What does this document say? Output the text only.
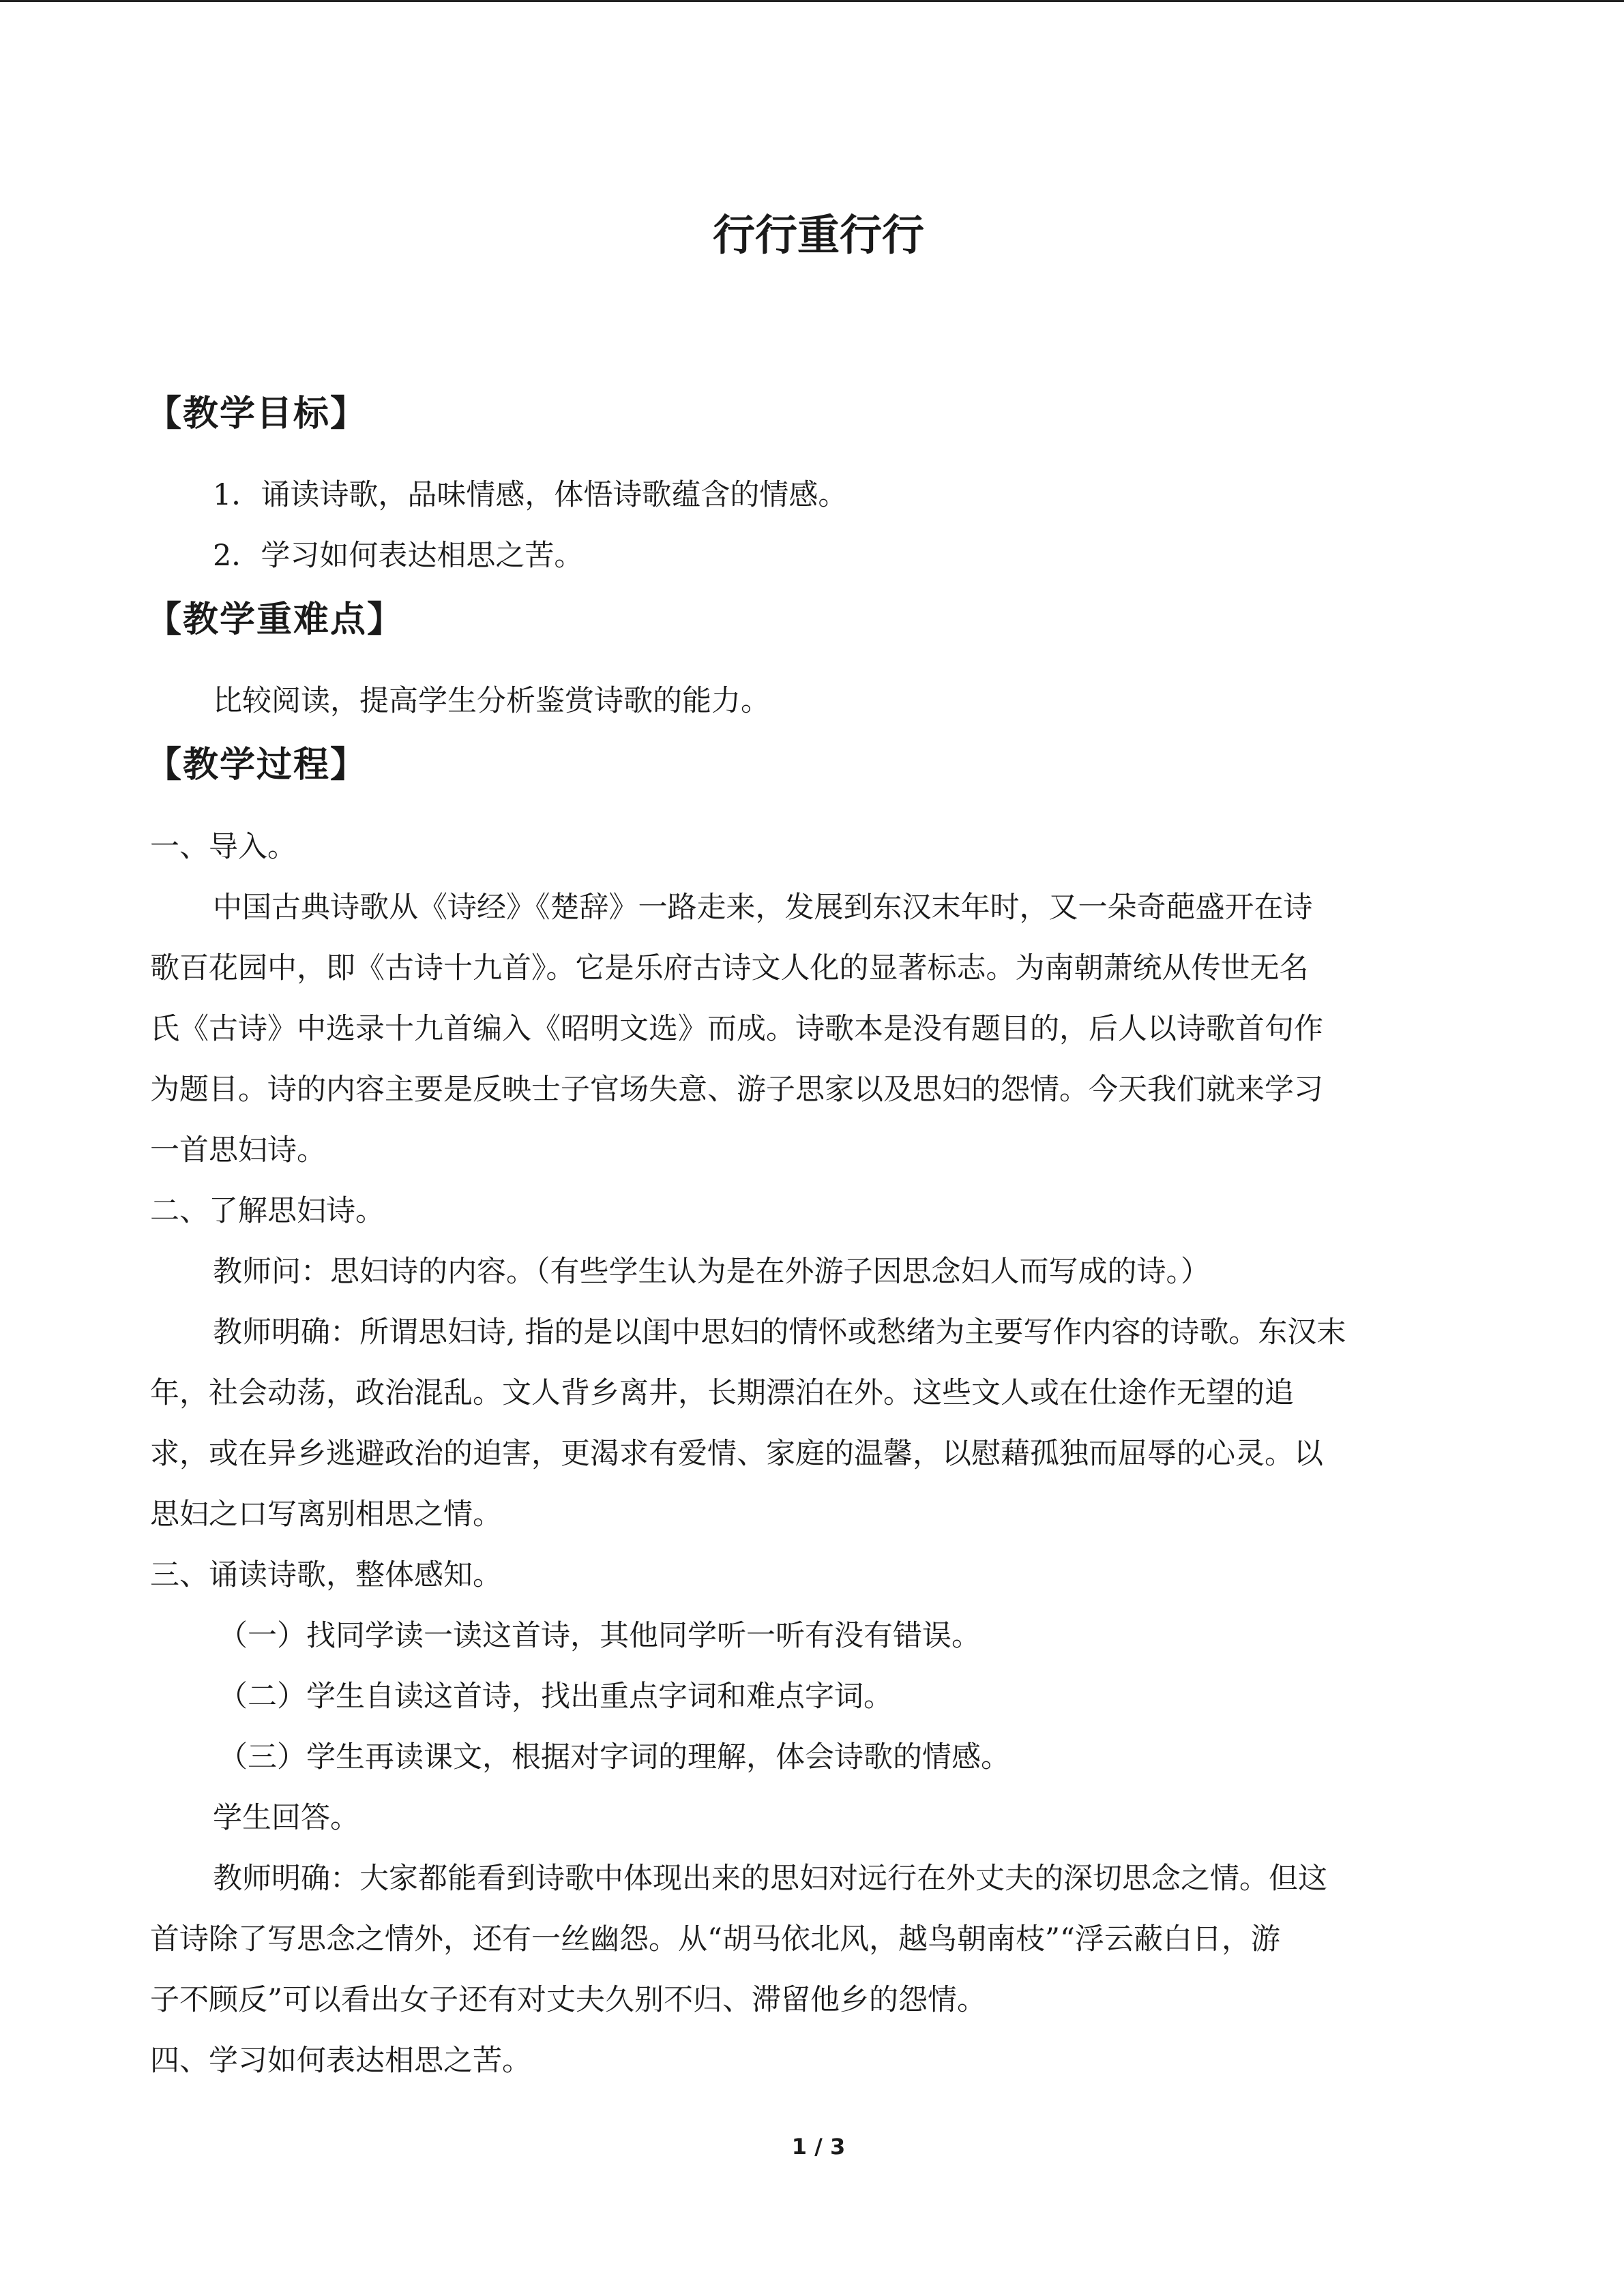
行行重行行
【教学目标】
1．诵读诗歌，品味情感，体悟诗歌蕴含的情感。
2．学习如何表达相思之苦。
【教学重难点】
比较阅读，提高学生分析鉴赏诗歌的能力。
【教学过程】
一、导入。
中国古典诗歌从《诗经》《楚辞》一路走来，发展到东汉末年时，又一朵奇葩盛开在诗
歌百花园中，即《古诗十九首》。它是乐府古诗文人化的显著标志。为南朝萧统从传世无名
氏《古诗》中选录十九首编入《昭明文选》而成。诗歌本是没有题目的，后人以诗歌首句作
为题目。诗的内容主要是反映士子官场失意、游子思家以及思妇的怨情。今天我们就来学习
一首思妇诗。
二、了解思妇诗。
教师问：思妇诗的内容。（有些学生认为是在外游子因思念妇人而写成的诗。）
教师明确：所谓思妇诗, 指的是以闺中思妇的情怀或愁绪为主要写作内容的诗歌。东汉末
年，社会动荡，政治混乱。文人背乡离井，长期漂泊在外。这些文人或在仕途作无望的追
求，或在异乡逃避政治的迫害，更渴求有爱情、家庭的温馨，以慰藉孤独而屈辱的心灵。以
思妇之口写离别相思之情。
三、诵读诗歌，整体感知。
（一）找同学读一读这首诗，其他同学听一听有没有错误。
（二）学生自读这首诗，找出重点字词和难点字词。
（三）学生再读课文，根据对字词的理解，体会诗歌的情感。
学生回答。
教师明确：大家都能看到诗歌中体现出来的思妇对远行在外丈夫的深切思念之情。但这
首诗除了写思念之情外，还有一丝幽怨。从“胡马依北风，越鸟朝南枝”“浮云蔽白日，游
子不顾反”可以看出女子还有对丈夫久别不归、滞留他乡的怨情。
四、学习如何表达相思之苦。
1 / 3
